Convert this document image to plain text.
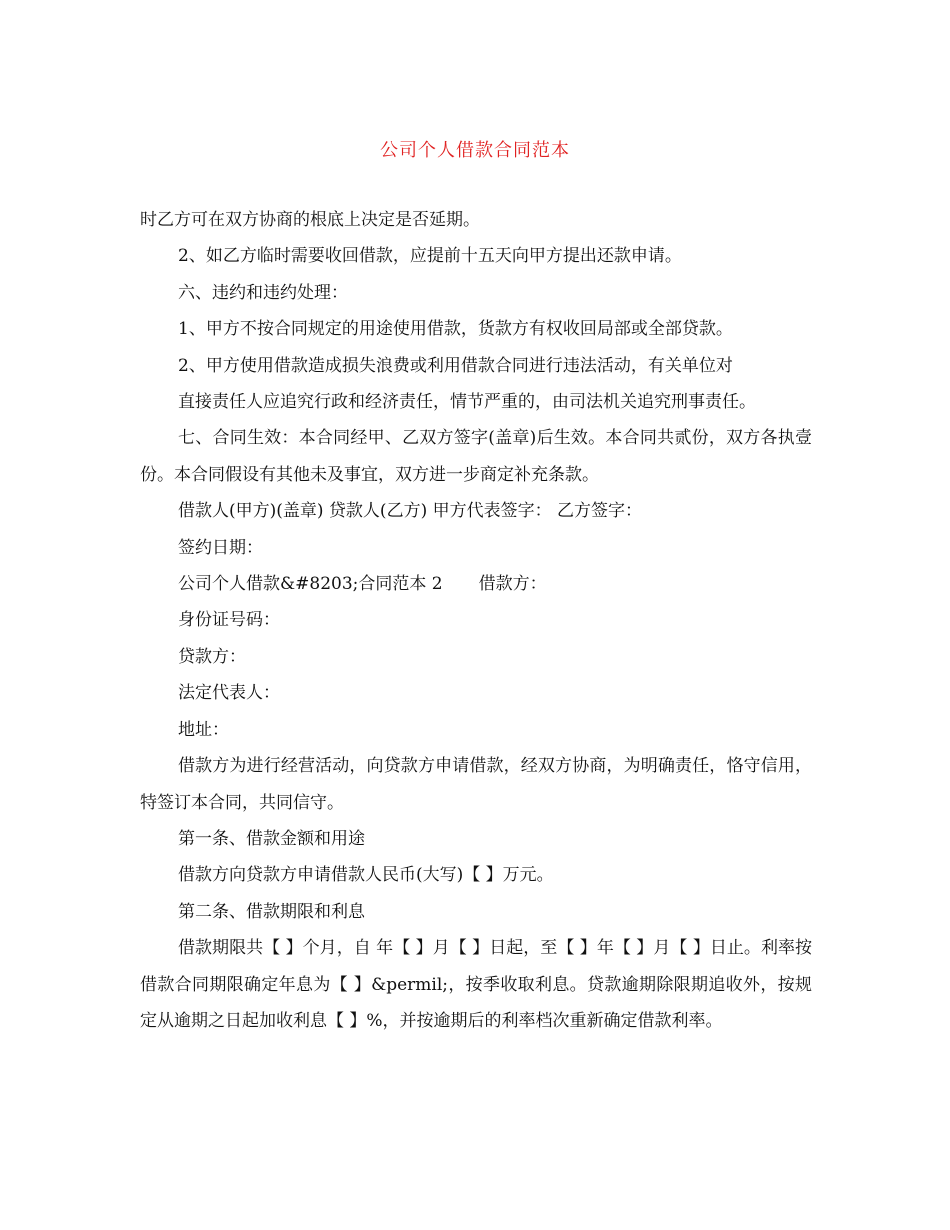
公司个人借款合同范本

时乙方可在双方协商的根底上决定是否延期。

2、如乙方临时需要收回借款，应提前十五天向甲方提出还款申请。

六、违约和违约处理：

1、甲方不按合同规定的用途使用借款，货款方有权收回局部或全部贷款。

2、甲方使用借款造成损失浪费或利用借款合同进行违法活动，有关单位对

直接责任人应追究行政和经济责任，情节严重的，由司法机关追究刑事责任。

七、合同生效：本合同经甲、乙双方签字(盖章)后生效。本合同共贰份，双方各执壹份。本合同假设有其他未及事宜，双方进一步商定补充条款。

借款人(甲方)(盖章) 贷款人(乙方) 甲方代表签字： 乙方签字：

签约日期：

公司个人借款&#8203;合同范本 2 借款方：

身份证号码：

贷款方：

法定代表人：

地址：

借款方为进行经营活动，向贷款方申请借款，经双方协商，为明确责任，恪守信用，特签订本合同，共同信守。

第一条、借款金额和用途

借款方向贷款方申请借款人民币(大写)【 】万元。

第二条、借款期限和利息

借款期限共【 】个月，自 年【 】月【 】日起，至【 】年【 】月【 】日止。利率按借款合同期限确定年息为【 】&permil;，按季收取利息。贷款逾期除限期追收外，按规定从逾期之日起加收利息【 】%，并按逾期后的利率档次重新确定借款利率。
